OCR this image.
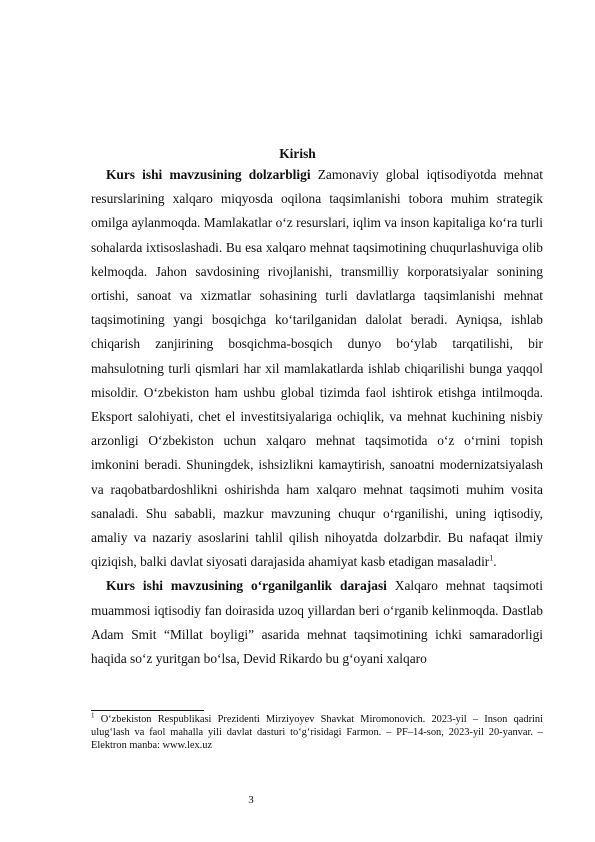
Kirish

Kurs ishi mavzusining dolzarbligi Zamonaviy global iqtisodiyotda mehnat resurslarining xalqaro miqyosda oqilona taqsimlanishi tobora muhim strategik omilga aylanmoqda. Mamlakatlar o‘z resurslari, iqlim va inson kapitaliga ko‘ra turli sohalarda ixtisoslashadi. Bu esa xalqaro mehnat taqsimotining chuqurlashuviga olib kelmoqda. Jahon savdosining rivojlanishi, transmilliy korporatsiyalar sonining ortishi, sanoat va xizmatlar sohasining turli davlatlarga taqsimlanishi mehnat taqsimotining yangi bosqichga ko‘tarilganidan dalolat beradi. Ayniqsa, ishlab chiqarish zanjirining bosqichma-bosqich dunyo bo‘ylab tarqatilishi, bir mahsulotning turli qismlari har xil mamlakatlarda ishlab chiqarilishi bunga yaqqol misoldir. O‘zbekiston ham ushbu global tizimda faol ishtirok etishga intilmoqda. Eksport salohiyati, chet el investitsiyalariga ochiqlik, va mehnat kuchining nisbiy arzonligi O‘zbekiston uchun xalqaro mehnat taqsimotida o‘z o‘rnini topish imkonini beradi. Shuningdek, ishsizlikni kamaytirish, sanoatni modernizatsiyalash va raqobatbardoshlikni oshirishda ham xalqaro mehnat taqsimoti muhim vosita sanaladi. Shu sababli, mazkur mavzuning chuqur o‘rganilishi, uning iqtisodiy, amaliy va nazariy asoslarini tahlil qilish nihoyatda dolzarbdir. Bu nafaqat ilmiy qiziqish, balki davlat siyosati darajasida ahamiyat kasb etadigan masaladir$^1$.

Kurs ishi mavzusining o‘rganilganlik darajasi Xalqaro mehnat taqsimoti muammosi iqtisodiy fan doirasida uzoq yillardan beri o‘rganib kelinmoqda. Dastlab Adam Smit “Millat boyligi” asarida mehnat taqsimotining ichki samaradorligi haqida so‘z yuritgan bo‘lsa, Devid Rikardo bu g‘oyani xalqaro

$^1$ O‘zbekiston Respublikasi Prezidenti Mirziyoyev Shavkat Miromonovich. 2023-yil – Inson qadrini ulug‘lash va faol mahalla yili davlat dasturi to‘g‘risidagi Farmon. – PF–14-son, 2023-yil 20-yanvar. – Elektron manba: www.lex.uz
3
